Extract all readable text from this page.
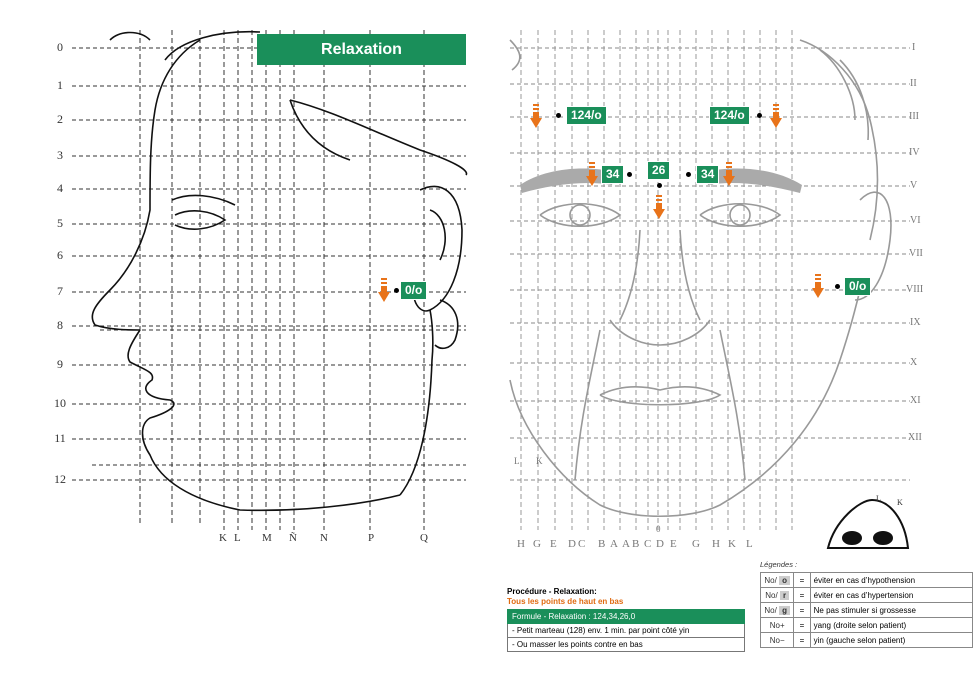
Relaxation
0
1
2
3
4
5
6
7
8
9
10
11
12
K L M Ñ N	P	Q
0/o
I
II
III
IV
V
VI
VII
VIII
IX
X
XI
XII
H G E D C B A A B C D E G H K L
0
L K
L K
124/o	124/o
34	26	34
0/o
Procédure - Relaxation:
Tous les points de haut en bas
Formule - Relaxation : 124,34,26,0
- Petit marteau (128) env. 1 min. par point côté yin
- Ou masser les points contre en bas
Légendes :
No/ o	=	éviter en cas d’hypothension
No/ r	=	éviter en cas d’hypertension
No/ g	=	Ne pas stimuler si grossesse
No+	=	yang (droite selon patient)
No−	=	yin (gauche selon patient)
